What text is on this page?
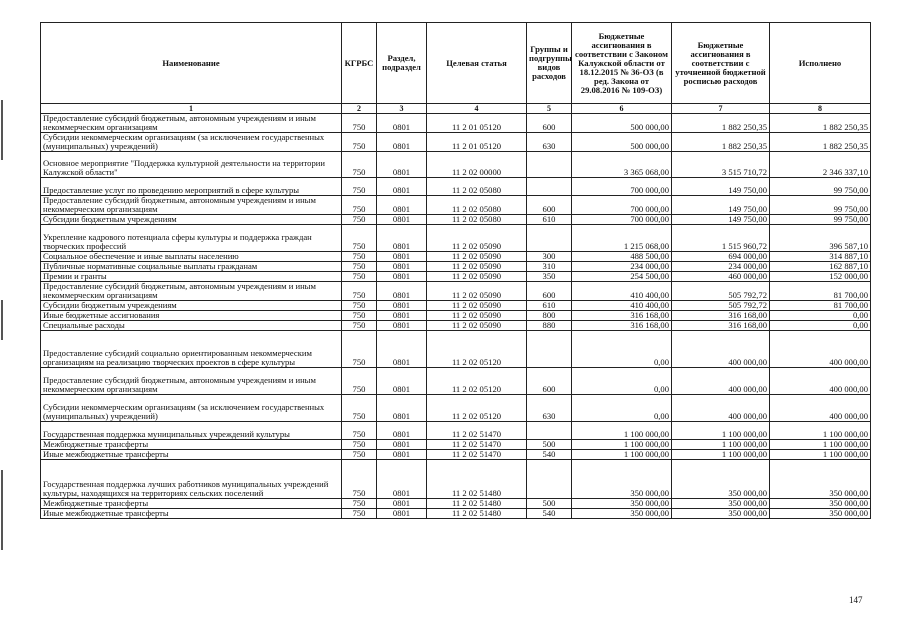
Наименование	КГРБС	Раздел, подраздел	Целевая статья	Группы и подгруппы видов расходов	Бюджетные ассигнования в соответствии с Законом Калужской области от 18.12.2015 № 36-ОЗ (в ред. Закона от 29.08.2016 № 109-ОЗ)	Бюджетные ассигнования в соответствии с уточненной бюджетной росписью расходов	Исполнено
1	2	3	4	5	6	7	8
Предоставление субсидий бюджетным, автономным учреждениям и иным некоммерческим организациям	750	0801	11 2 01 05120	600	500 000,00	1 882 250,35	1 882 250,35
Субсидии некоммерческим организациям (за исключением государственных (муниципальных) учреждений)	750	0801	11 2 01 05120	630	500 000,00	1 882 250,35	1 882 250,35
Основное мероприятие "Поддержка культурной деятельности на территории Калужской области"	750	0801	11 2 02 00000		3 365 068,00	3 515 710,72	2 346 337,10
Предоставление услуг по проведению мероприятий в сфере культуры	750	0801	11 2 02 05080		700 000,00	149 750,00	99 750,00
Предоставление субсидий бюджетным, автономным учреждениям и иным некоммерческим организациям	750	0801	11 2 02 05080	600	700 000,00	149 750,00	99 750,00
Субсидии бюджетным учреждениям	750	0801	11 2 02 05080	610	700 000,00	149 750,00	99 750,00
Укрепление кадрового потенциала сферы культуры и поддержка граждан творческих профессий	750	0801	11 2 02 05090		1 215 068,00	1 515 960,72	396 587,10
Социальное обеспечение и иные выплаты населению	750	0801	11 2 02 05090	300	488 500,00	694 000,00	314 887,10
Публичные нормативные социальные выплаты гражданам	750	0801	11 2 02 05090	310	234 000,00	234 000,00	162 887,10
Премии и гранты	750	0801	11 2 02 05090	350	254 500,00	460 000,00	152 000,00
Предоставление субсидий бюджетным, автономным учреждениям и иным некоммерческим организациям	750	0801	11 2 02 05090	600	410 400,00	505 792,72	81 700,00
Субсидии бюджетным учреждениям	750	0801	11 2 02 05090	610	410 400,00	505 792,72	81 700,00
Иные бюджетные ассигнования	750	0801	11 2 02 05090	800	316 168,00	316 168,00	0,00
Специальные расходы	750	0801	11 2 02 05090	880	316 168,00	316 168,00	0,00
Предоставление субсидий социально ориентированным некоммерческим организациям на реализацию творческих проектов в сфере культуры	750	0801	11 2 02 05120		0,00	400 000,00	400 000,00
Предоставление субсидий бюджетным, автономным учреждениям и иным некоммерческим организациям	750	0801	11 2 02 05120	600	0,00	400 000,00	400 000,00
Субсидии некоммерческим организациям (за исключением государственных (муниципальных) учреждений)	750	0801	11 2 02 05120	630	0,00	400 000,00	400 000,00
Государственная поддержка муниципальных учреждений культуры	750	0801	11 2 02 51470		1 100 000,00	1 100 000,00	1 100 000,00
Межбюджетные трансферты	750	0801	11 2 02 51470	500	1 100 000,00	1 100 000,00	1 100 000,00
Иные межбюджетные трансферты	750	0801	11 2 02 51470	540	1 100 000,00	1 100 000,00	1 100 000,00
Государственная поддержка лучших работников муниципальных учреждений культуры, находящихся на территориях сельских поселений	750	0801	11 2 02 51480		350 000,00	350 000,00	350 000,00
Межбюджетные трансферты	750	0801	11 2 02 51480	500	350 000,00	350 000,00	350 000,00
Иные межбюджетные трансферты	750	0801	11 2 02 51480	540	350 000,00	350 000,00	350 000,00
147
